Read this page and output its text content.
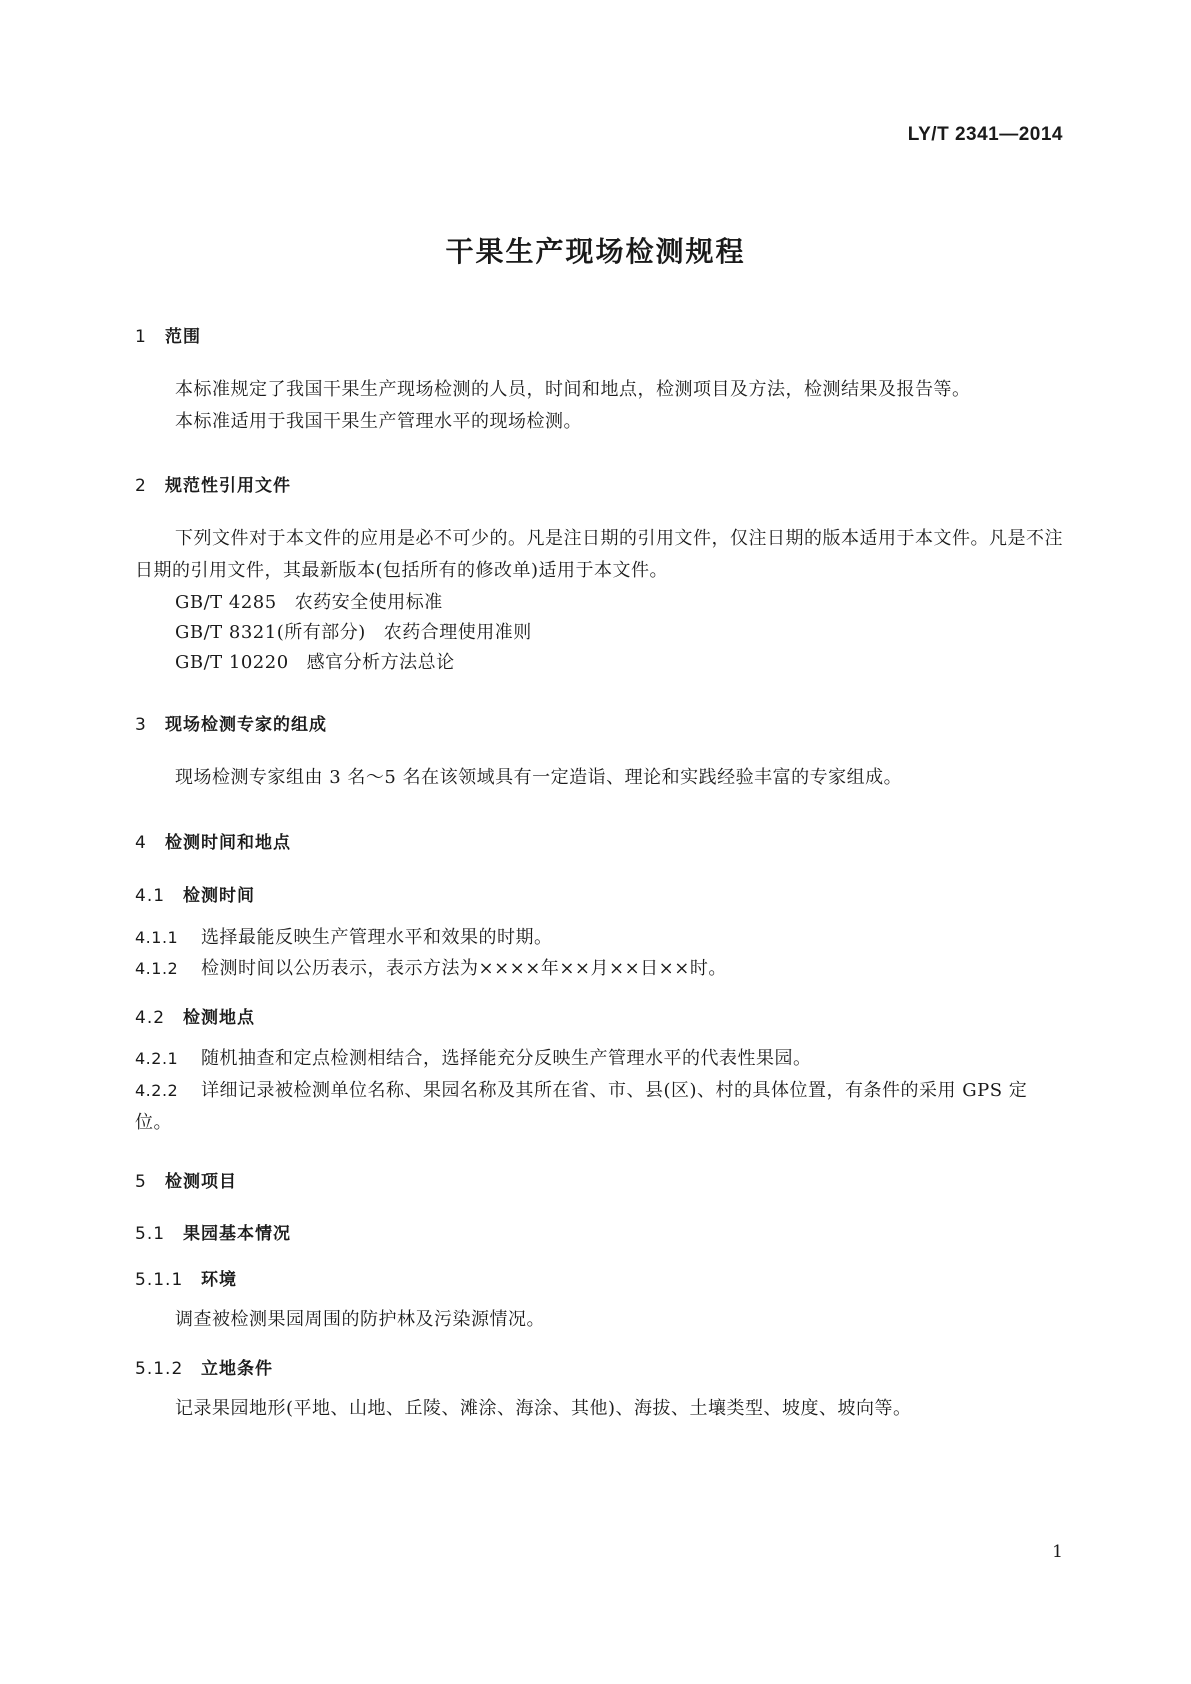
LY/T 2341—2014
干果生产现场检测规程
1 范围
本标准规定了我国干果生产现场检测的人员，时间和地点，检测项目及方法，检测结果及报告等。
本标准适用于我国干果生产管理水平的现场检测。
2 规范性引用文件
下列文件对于本文件的应用是必不可少的。凡是注日期的引用文件，仅注日期的版本适用于本文件。凡是不注日期的引用文件，其最新版本(包括所有的修改单)适用于本文件。
GB/T 4285 农药安全使用标准
GB/T 8321(所有部分) 农药合理使用准则
GB/T 10220 感官分析方法总论
3 现场检测专家的组成
现场检测专家组由 3 名～5 名在该领域具有一定造诣、理论和实践经验丰富的专家组成。
4 检测时间和地点
4.1 检测时间
4.1.1 选择最能反映生产管理水平和效果的时期。
4.1.2 检测时间以公历表示，表示方法为××××年××月××日××时。
4.2 检测地点
4.2.1 随机抽查和定点检测相结合，选择能充分反映生产管理水平的代表性果园。
4.2.2 详细记录被检测单位名称、果园名称及其所在省、市、县(区)、村的具体位置，有条件的采用 GPS 定位。
5 检测项目
5.1 果园基本情况
5.1.1 环境
调查被检测果园周围的防护林及污染源情况。
5.1.2 立地条件
记录果园地形(平地、山地、丘陵、滩涂、海涂、其他)、海拔、土壤类型、坡度、坡向等。
1
